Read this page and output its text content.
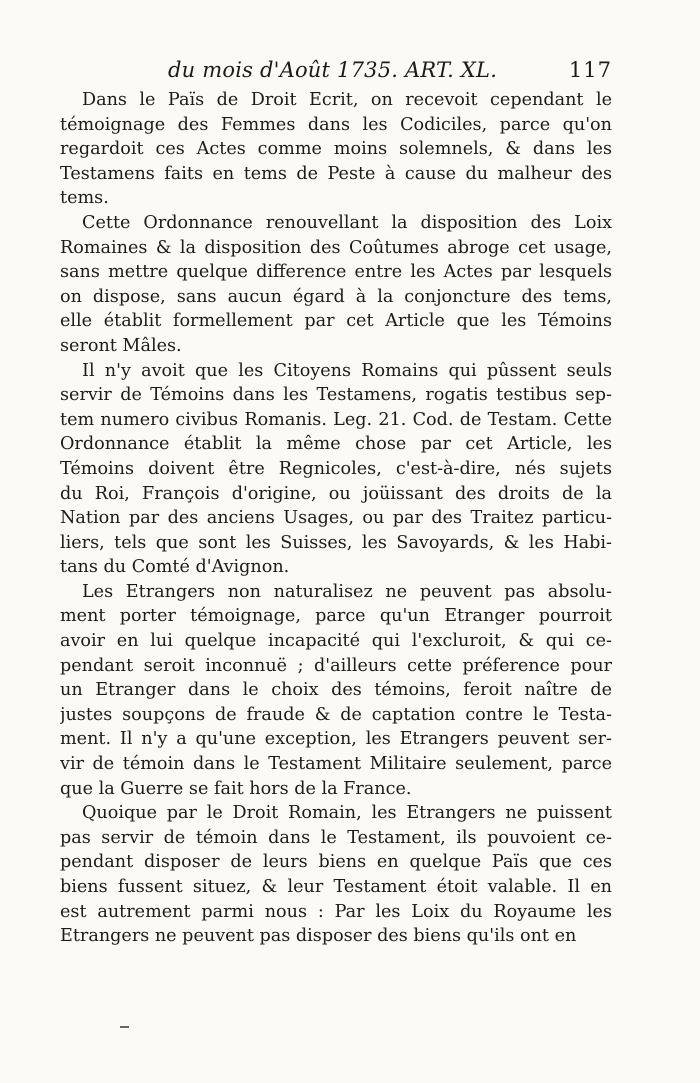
du mois d'Août 1735. ART. XL.	117
Dans le Païs de Droit Ecrit, on recevoit cependant le
témoignage des Femmes dans les Codiciles, parce qu'on
regardoit ces Actes comme moins solemnels, & dans les
Testamens faits en tems de Peste à cause du malheur des
tems.
Cette Ordonnance renouvellant la disposition des Loix
Romaines & la disposition des Coûtumes abroge cet usage,
sans mettre quelque difference entre les Actes par lesquels
on dispose, sans aucun égard à la conjoncture des tems,
elle établit formellement par cet Article que les Témoins
seront Mâles.
Il n'y avoit que les Citoyens Romains qui pûssent seuls
servir de Témoins dans les Testamens, rogatis testibus sep-
tem numero civibus Romanis. Leg. 21. Cod. de Testam. Cette
Ordonnance établit la même chose par cet Article, les
Témoins doivent être Regnicoles, c'est-à-dire, nés sujets
du Roi, François d'origine, ou joüissant des droits de la
Nation par des anciens Usages, ou par des Traitez particu-
liers, tels que sont les Suisses, les Savoyards, & les Habi-
tans du Comté d'Avignon.
Les Etrangers non naturalisez ne peuvent pas absolu-
ment porter témoignage, parce qu'un Etranger pourroit
avoir en lui quelque incapacité qui l'excluroit, & qui ce-
pendant seroit inconnuë ; d'ailleurs cette préference pour
un Etranger dans le choix des témoins, feroit naître de
justes soupçons de fraude & de captation contre le Testa-
ment. Il n'y a qu'une exception, les Etrangers peuvent ser-
vir de témoin dans le Testament Militaire seulement, parce
que la Guerre se fait hors de la France.
Quoique par le Droit Romain, les Etrangers ne puissent
pas servir de témoin dans le Testament, ils pouvoient ce-
pendant disposer de leurs biens en quelque Païs que ces
biens fussent situez, & leur Testament étoit valable. Il en
est autrement parmi nous : Par les Loix du Royaume les
Etrangers ne peuvent pas disposer des biens qu'ils ont en
